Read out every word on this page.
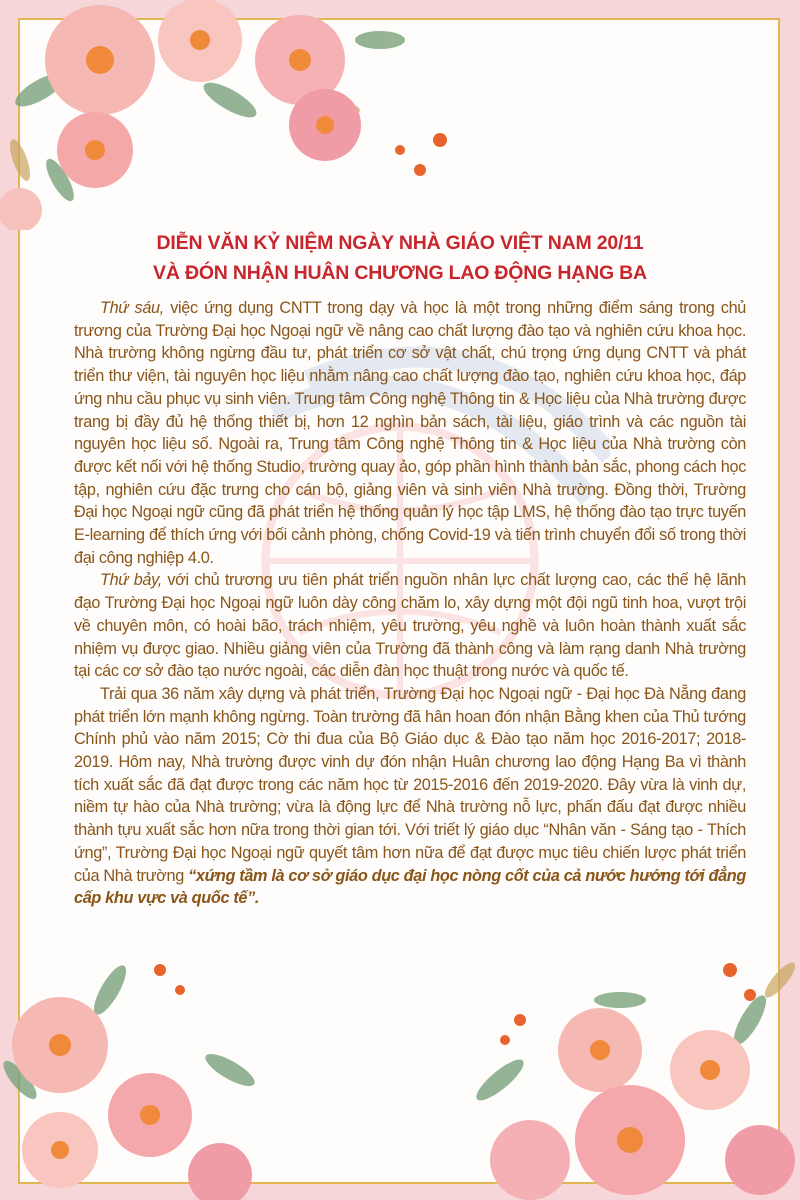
DIỄN VĂN KỶ NIỆM NGÀY NHÀ GIÁO VIỆT NAM 20/11
VÀ ĐÓN NHẬN HUÂN CHƯƠNG LAO ĐỘNG HẠNG BA

Thứ sáu, việc ứng dụng CNTT trong dạy và học là một trong những điểm sáng trong chủ trương của Trường Đại học Ngoại ngữ về nâng cao chất lượng đào tạo và nghiên cứu khoa học. Nhà trường không ngừng đầu tư, phát triển cơ sở vật chất, chú trọng ứng dụng CNTT và phát triển thư viện, tài nguyên học liệu nhằm nâng cao chất lượng đào tạo, nghiên cứu khoa học, đáp ứng nhu cầu phục vụ sinh viên. Trung tâm Công nghệ Thông tin & Học liệu của Nhà trường được trang bị đầy đủ hệ thống thiết bị, hơn 12 nghìn bản sách, tài liệu, giáo trình và các nguồn tài nguyên học liệu số. Ngoài ra, Trung tâm Công nghệ Thông tin & Học liệu của Nhà trường còn được kết nối với hệ thống Studio, trường quay ảo, góp phần hình thành bản sắc, phong cách học tập, nghiên cứu đặc trưng cho cán bộ, giảng viên và sinh viên Nhà trường. Đồng thời, Trường Đại học Ngoại ngữ cũng đã phát triển hệ thống quản lý học tập LMS, hệ thống đào tạo trực tuyến E-learning để thích ứng với bối cảnh phòng, chống Covid-19 và tiến trình chuyển đổi số trong thời đại công nghiệp 4.0.

Thứ bảy, với chủ trương ưu tiên phát triển nguồn nhân lực chất lượng cao, các thế hệ lãnh đạo Trường Đại học Ngoại ngữ luôn dày công chăm lo, xây dựng một đội ngũ tinh hoa, vượt trội về chuyên môn, có hoài bão, trách nhiệm, yêu trường, yêu nghề và luôn hoàn thành xuất sắc nhiệm vụ được giao. Nhiều giảng viên của Trường đã thành công và làm rạng danh Nhà trường tại các cơ sở đào tạo nước ngoài, các diễn đàn học thuật trong nước và quốc tế.

Trải qua 36 năm xây dựng và phát triển, Trường Đại học Ngoại ngữ - Đại học Đà Nẵng đang phát triển lớn mạnh không ngừng. Toàn trường đã hân hoan đón nhận Bằng khen của Thủ tướng Chính phủ vào năm 2015; Cờ thi đua của Bộ Giáo dục & Đào tạo năm học 2016-2017; 2018-2019. Hôm nay, Nhà trường được vinh dự đón nhận Huân chương lao động Hạng Ba vì thành tích xuất sắc đã đạt được trong các năm học từ 2015-2016 đến 2019-2020. Đây vừa là vinh dự, niềm tự hào của Nhà trường; vừa là động lực để Nhà trường nỗ lực, phấn đấu đạt được nhiều thành tựu xuất sắc hơn nữa trong thời gian tới. Với triết lý giáo dục “Nhân văn - Sáng tạo - Thích ứng”, Trường Đại học Ngoại ngữ quyết tâm hơn nữa để đạt được mục tiêu chiến lược phát triển của Nhà trường “xứng tầm là cơ sở giáo dục đại học nòng cốt của cả nước hướng tới đẳng cấp khu vực và quốc tế”.
